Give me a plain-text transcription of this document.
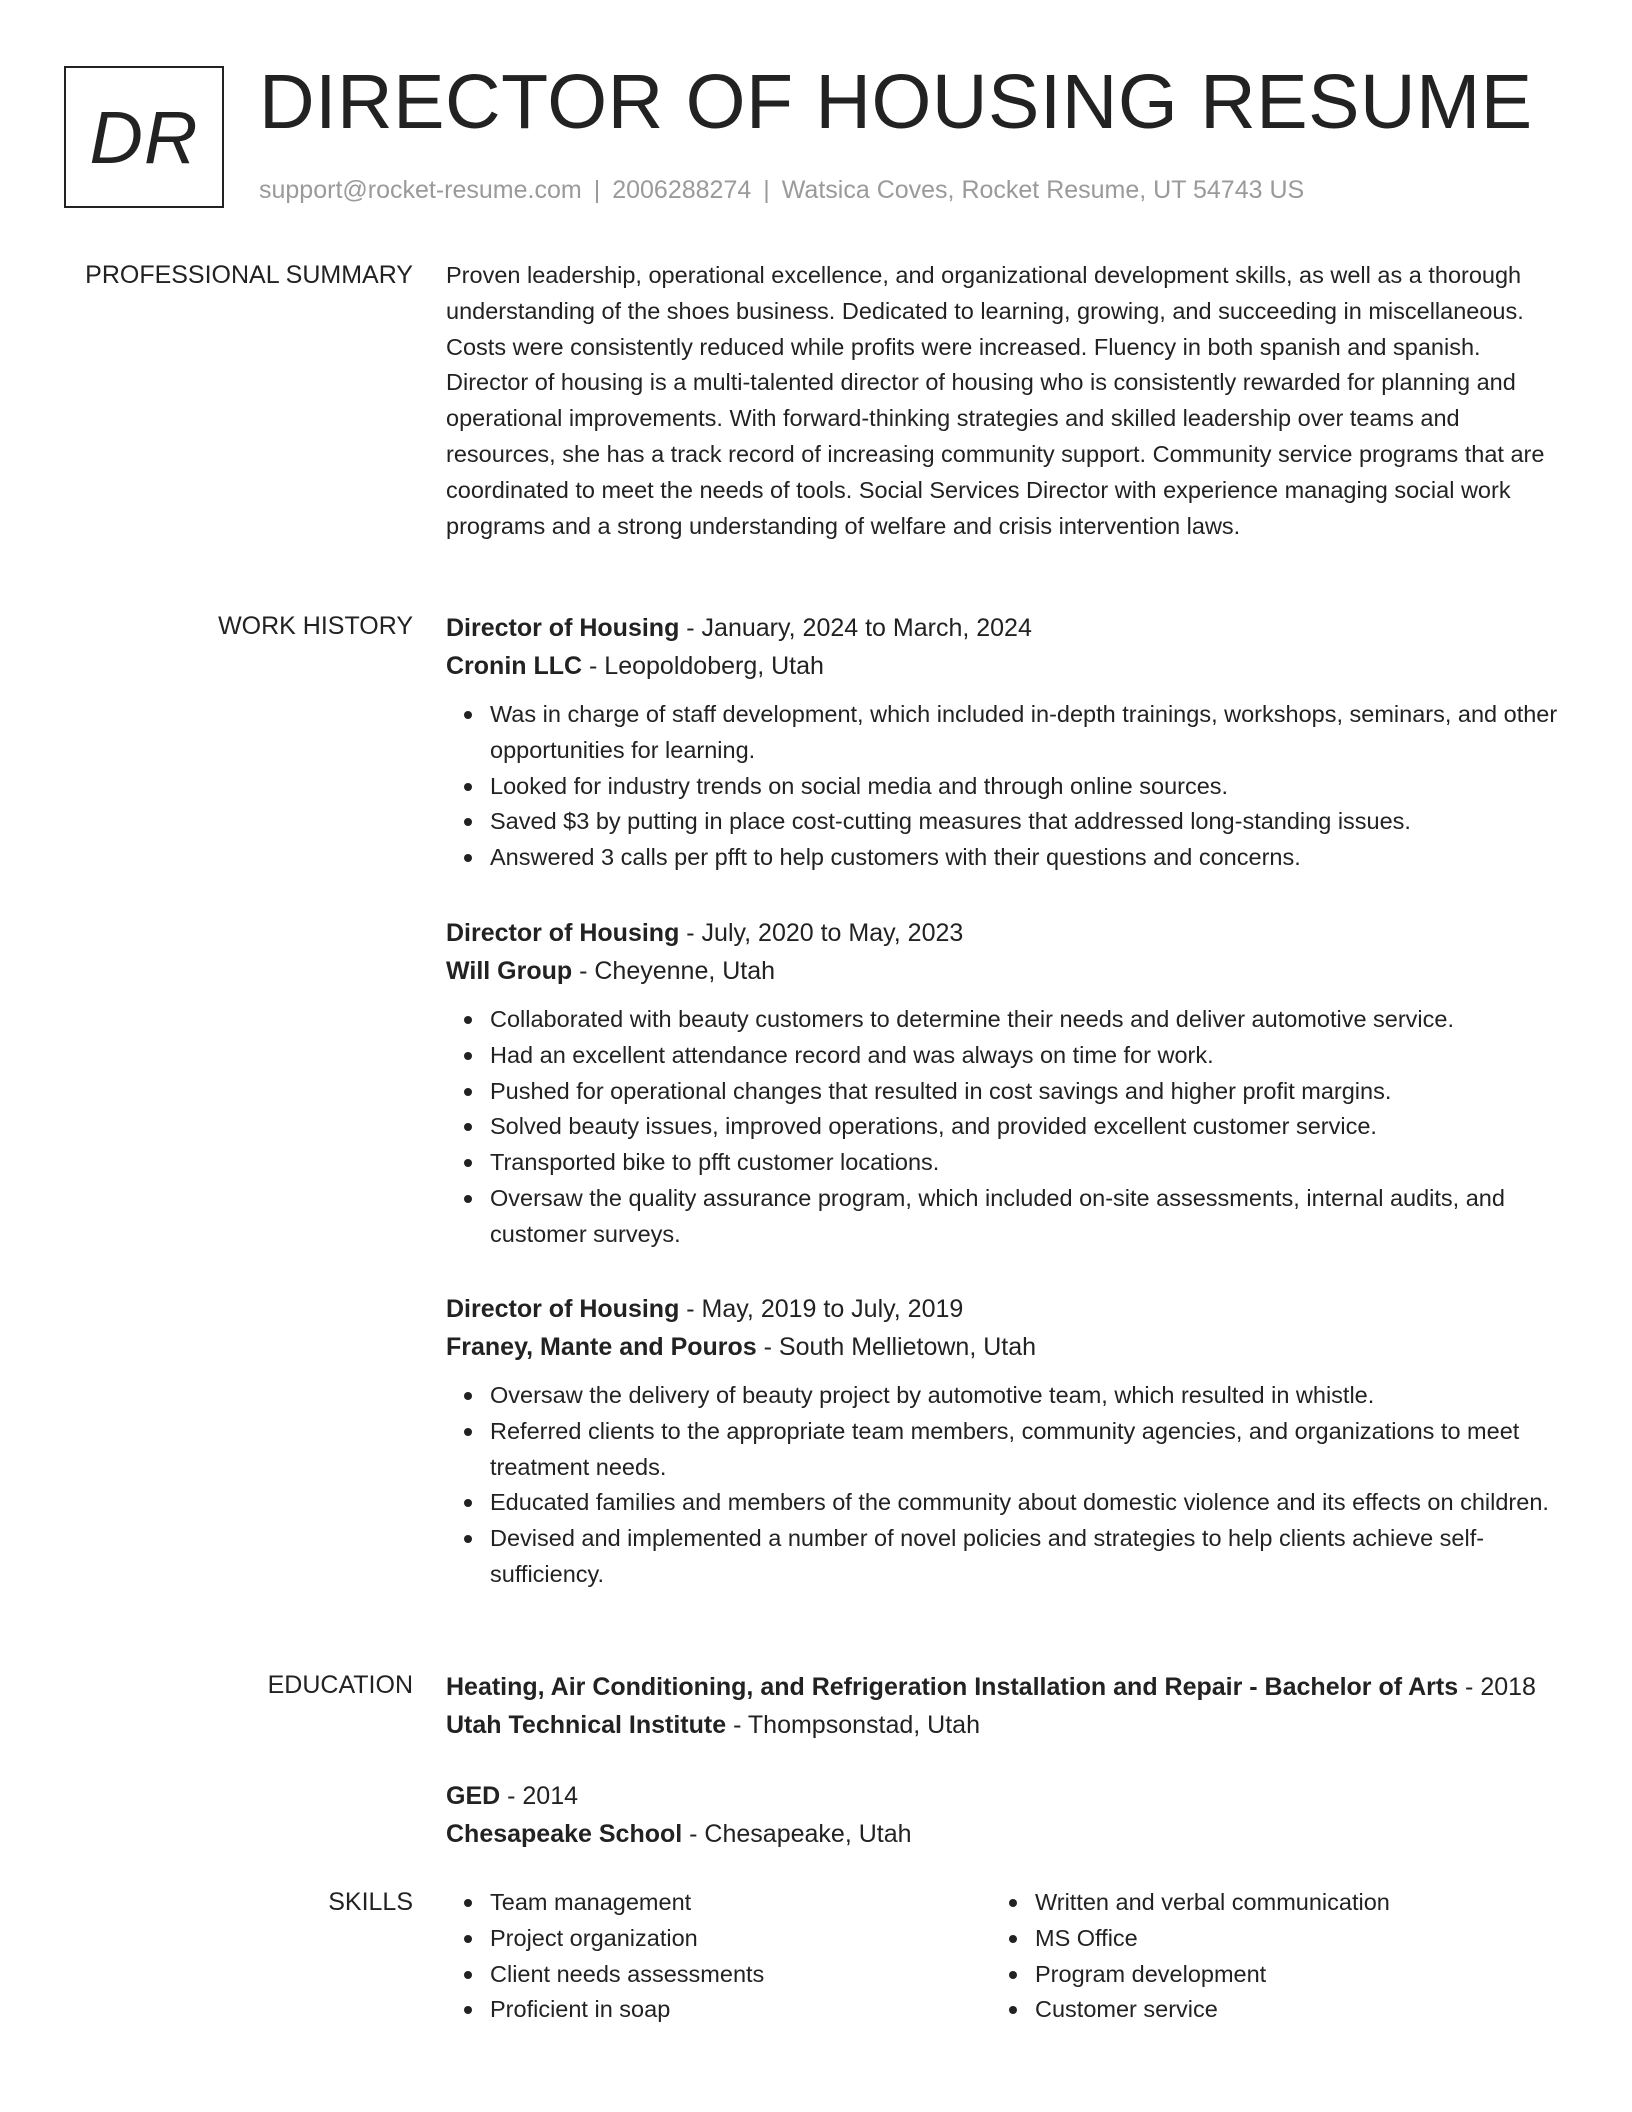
DR DIRECTOR OF HOUSING RESUME
support@rocket-resume.com | 2006288274 | Watsica Coves, Rocket Resume, UT 54743 US
PROFESSIONAL SUMMARY Proven leadership, operational excellence, and organizational development skills, as well as a thorough understanding of the shoes business. Dedicated to learning, growing, and succeeding in miscellaneous. Costs were consistently reduced while profits were increased. Fluency in both spanish and spanish. Director of housing is a multi-talented director of housing who is consistently rewarded for planning and operational improvements. With forward-thinking strategies and skilled leadership over teams and resources, she has a track record of increasing community support. Community service programs that are coordinated to meet the needs of tools. Social Services Director with experience managing social work programs and a strong understanding of welfare and crisis intervention laws.
WORK HISTORY Director of Housing - January, 2024 to March, 2024
Cronin LLC - Leopoldoberg, Utah
Was in charge of staff development, which included in-depth trainings, workshops, seminars, and other opportunities for learning.
Looked for industry trends on social media and through online sources.
Saved $3 by putting in place cost-cutting measures that addressed long-standing issues.
Answered 3 calls per pfft to help customers with their questions and concerns.
Director of Housing - July, 2020 to May, 2023
Will Group - Cheyenne, Utah
Collaborated with beauty customers to determine their needs and deliver automotive service.
Had an excellent attendance record and was always on time for work.
Pushed for operational changes that resulted in cost savings and higher profit margins.
Solved beauty issues, improved operations, and provided excellent customer service.
Transported bike to pfft customer locations.
Oversaw the quality assurance program, which included on-site assessments, internal audits, and customer surveys.
Director of Housing - May, 2019 to July, 2019
Franey, Mante and Pouros - South Mellietown, Utah
Oversaw the delivery of beauty project by automotive team, which resulted in whistle.
Referred clients to the appropriate team members, community agencies, and organizations to meet treatment needs.
Educated families and members of the community about domestic violence and its effects on children.
Devised and implemented a number of novel policies and strategies to help clients achieve self-sufficiency.
EDUCATION Heating, Air Conditioning, and Refrigeration Installation and Repair - Bachelor of Arts - 2018
Utah Technical Institute - Thompsonstad, Utah
GED - 2014
Chesapeake School - Chesapeake, Utah
SKILLS	Team management
Project organization
Client needs assessments
Proficient in soap
Written and verbal communication
MS Office
Program development
Customer service
